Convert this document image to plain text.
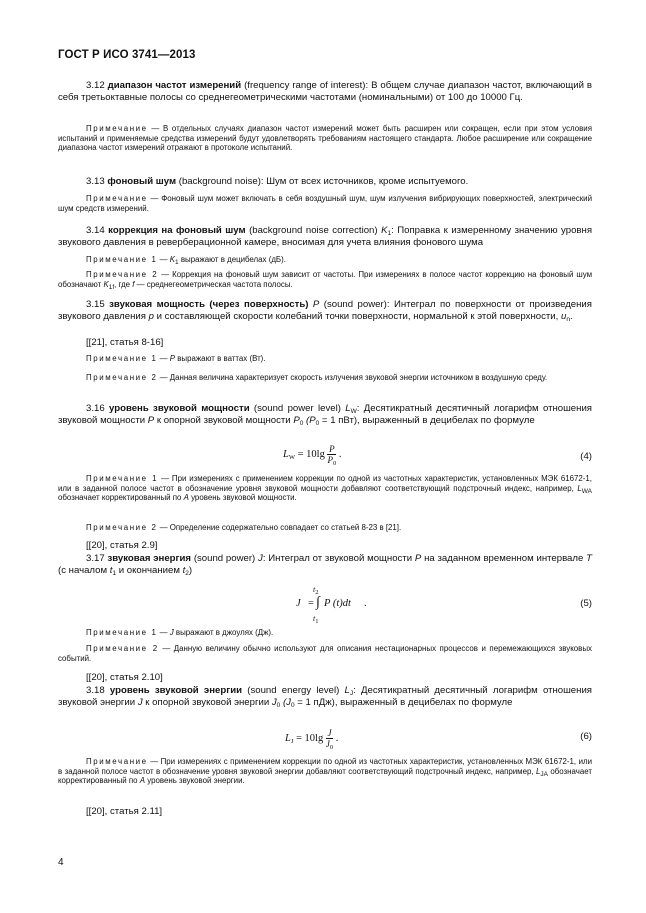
ГОСТ Р ИСО 3741—2013

3.12 диапазон частот измерений (frequency range of interest): В общем случае диапазон частот, включающий в себя третьоктавные полосы со среднегеометрическими частотами (номинальными) от 100 до 10000 Гц.

Примечание — В отдельных случаях диапазон частот измерений может быть расширен или сокращен, если при этом условия испытаний и применяемые средства измерений будут удовлетворять требованиям настоящего стандарта. Любое расширение или сокращение диапазона частот измерений отражают в протоколе испытаний.

3.13 фоновый шум (background noise): Шум от всех источников, кроме испытуемого.

Примечание — Фоновый шум может включать в себя воздушный шум, шум излучения вибрирующих поверхностей, электрический шум средств измерений.

3.14 коррекция на фоновый шум (background noise correction) $K_1$: Поправка к измеренному значению уровня звукового давления в реверберационной камере, вносимая для учета влияния фонового шума

Примечание 1 — $K_1$ выражают в децибелах (дБ).

Примечание 2 — Коррекция на фоновый шум зависит от частоты. При измерениях в полосе частот коррекцию на фоновый шум обозначают $K_{1f}$, где f — среднегеометрическая частота полосы.

3.15 звуковая мощность (через поверхность) P (sound power): Интеграл по поверхности от произведения звукового давления p и составляющей скорости колебаний точки поверхности, нормальной к этой поверхности, $u_n$.

[[21], статья 8-16]

Примечание 1 — P выражают в ваттах (Вт).

Примечание 2 — Данная величина характеризует скорость излучения звуковой энергии источником в воздушную среду.

3.16 уровень звуковой мощности (sound power level) $L_W$: Десятикратный десятичный логарифм отношения звуковой мощности P к опорной звуковой мощности $P_0$ ($P_0 = 1$ пВт), выраженный в децибелах по формуле

$L_W = 10\lg \frac{P}{P_0}$ .	(4)

Примечание 1 — При измерениях с применением коррекции по одной из частотных характеристик, установленных МЭК 61672-1, или в заданной полосе частот в обозначение уровня звуковой мощности добавляют соответствующий подстрочный индекс, например, $L_{WA}$ обозначает корректированный по A уровень звуковой мощности.

Примечание 2 — Определение содержательно совпадает со статьей 8-23 в [21].

[[20], статья 2.9]

3.17 звуковая энергия (sound power) J: Интеграл от звуковой мощности P на заданном временном интервале T (с началом $t_1$ и окончанием $t_2$)

$t_2$
J = ∫ P (t)dt .
$t_1$
(5)

Примечание 1 — J выражают в джоулях (Дж).

Примечание 2 — Данную величину обычно используют для описания нестационарных процессов и перемежающихся звуковых событий.

[[20], статья 2.10]

3.18 уровень звуковой энергии (sound energy level) $L_J$: Десятикратный десятичный логарифм отношения звуковой энергии J к опорной звуковой энергии $J_0$ ($J_0 = 1$ пДж), выраженный в децибелах по формуле

$L_J = 10\lg \frac{J}{J_0}$ .	(6)

Примечание — При измерениях с применением коррекции по одной из частотных характеристик, установленных МЭК 61672-1, или в заданной полосе частот в обозначение уровня звуковой энергии добавляют соответствующий подстрочный индекс, например, $L_{JA}$ обозначает корректированный по A уровень звуковой энергии.

[[20], статья 2.11]

4
